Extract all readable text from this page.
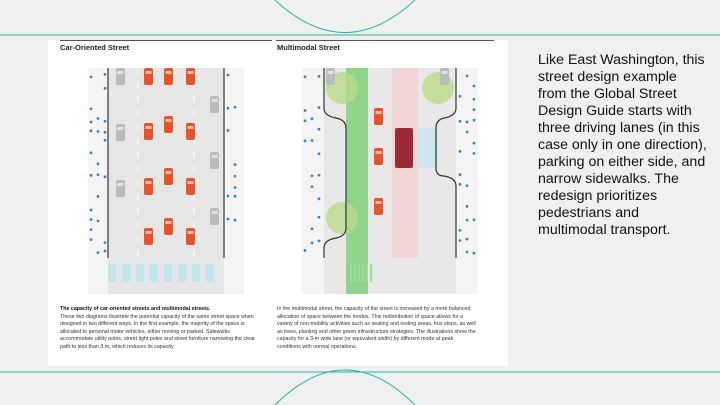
Car-Oriented Street	Multimodal Street
The capacity of car-oriented streets and multimodal streets.
These two diagrams illustrate the potential capacity of the same street space when designed in two different ways. In the first example, the majority of the space is allocated to personal motor vehicles, either moving or parked. Sidewalks accommodate utility poles, street light poles and street furniture narrowing the clear path to less than 3 m, which reduces its capacity.
In the multimodal street, the capacity of the street is increased by a more balanced allocation of space between the modes. This redistribution of space allows for a variety of non-mobility activities such as seating and resting areas, bus stops, as well as trees, planting and other green infrastructure strategies. The illustrations show the capacity for a 3-m wide lane (or equivalent width) by different mode at peak conditions with normal operations.
Like East Washington, this street design example from the Global Street Design Guide starts with three driving lanes (in this case only in one direction), parking on either side, and narrow sidewalks. The redesign prioritizes pedestrians and multimodal transport.
